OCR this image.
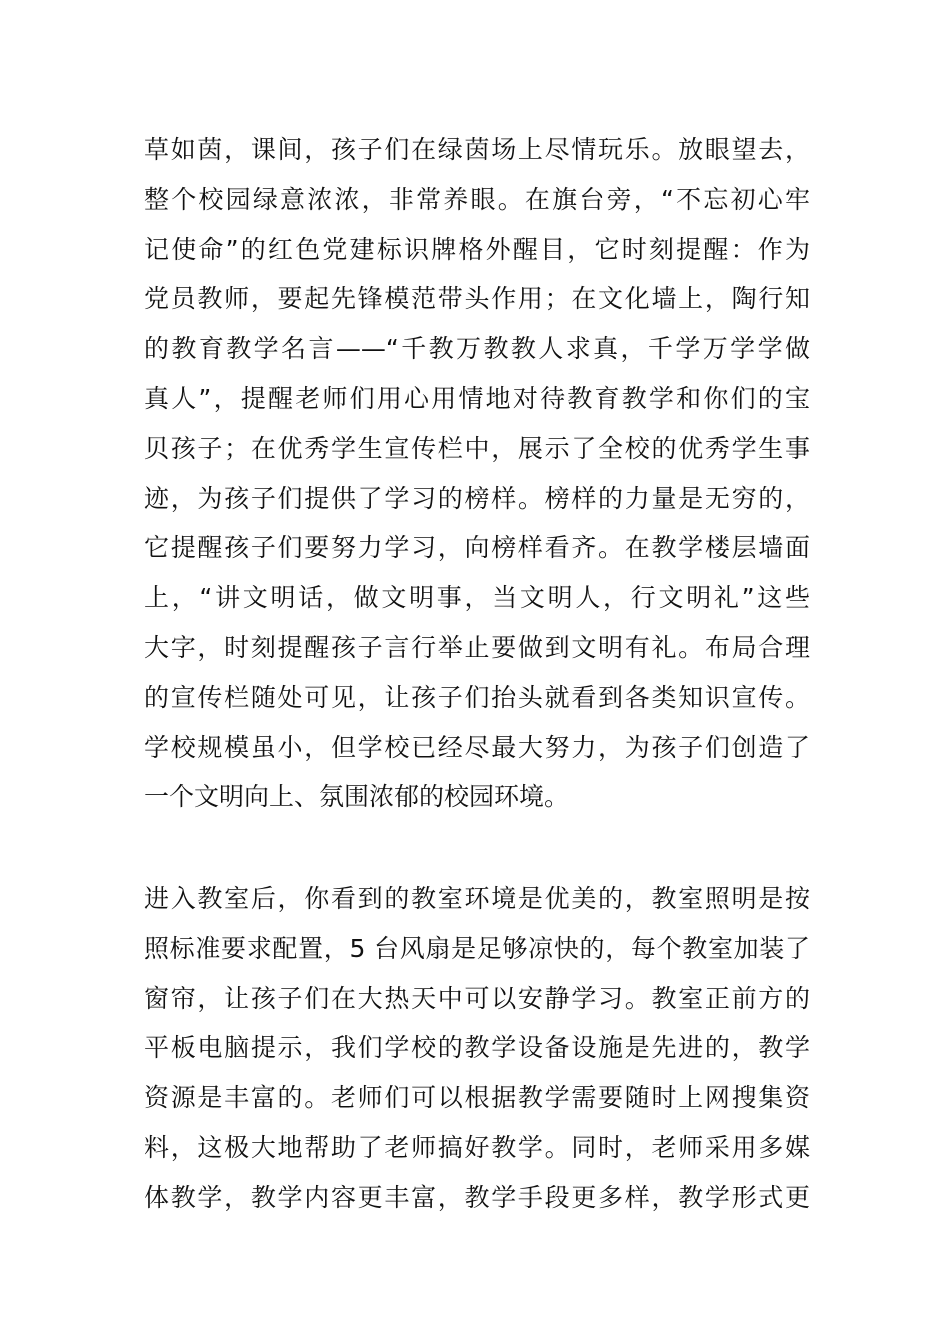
草如茵，课间，孩子们在绿茵场上尽情玩乐。放眼望去，
整个校园绿意浓浓，非常养眼。在旗台旁，“不忘初心牢
记使命”的红色党建标识牌格外醒目，它时刻提醒：作为
党员教师，要起先锋模范带头作用；在文化墙上，陶行知
的教育教学名言——“千教万教教人求真，千学万学学做
真人”，提醒老师们用心用情地对待教育教学和你们的宝
贝孩子；在优秀学生宣传栏中，展示了全校的优秀学生事
迹，为孩子们提供了学习的榜样。榜样的力量是无穷的，
它提醒孩子们要努力学习，向榜样看齐。在教学楼层墙面
上，“讲文明话，做文明事，当文明人，行文明礼”这些
大字，时刻提醒孩子言行举止要做到文明有礼。布局合理
的宣传栏随处可见，让孩子们抬头就看到各类知识宣传。
学校规模虽小，但学校已经尽最大努力，为孩子们创造了
一个文明向上、氛围浓郁的校园环境。

进入教室后，你看到的教室环境是优美的，教室照明是按
照标准要求配置，5 台风扇是足够凉快的，每个教室加装了
窗帘，让孩子们在大热天中可以安静学习。教室正前方的
平板电脑提示，我们学校的教学设备设施是先进的，教学
资源是丰富的。老师们可以根据教学需要随时上网搜集资
料，这极大地帮助了老师搞好教学。同时，老师采用多媒
体教学，教学内容更丰富，教学手段更多样，教学形式更
